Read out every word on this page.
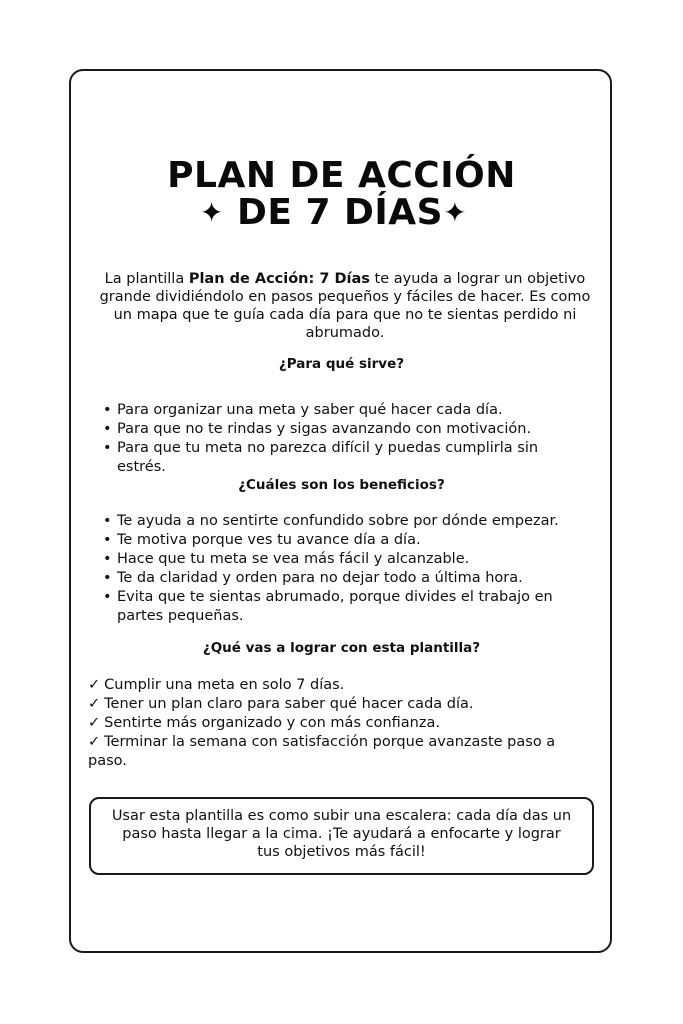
PLAN DE ACCIÓN
✦ DE 7 DÍAS✦
La plantilla Plan de Acción: 7 Días te ayuda a lograr un objetivo grande dividiéndolo en pasos pequeños y fáciles de hacer. Es como un mapa que te guía cada día para que no te sientas perdido ni abrumado.
¿Para qué sirve?
• Para organizar una meta y saber qué hacer cada día.
• Para que no te rindas y sigas avanzando con motivación.
• Para que tu meta no parezca difícil y puedas cumplirla sin estrés.
¿Cuáles son los beneficios?
• Te ayuda a no sentirte confundido sobre por dónde empezar.
• Te motiva porque ves tu avance día a día.
• Hace que tu meta se vea más fácil y alcanzable.
• Te da claridad y orden para no dejar todo a última hora.
• Evita que te sientas abrumado, porque divides el trabajo en partes pequeñas.
¿Qué vas a lograr con esta plantilla?
✓ Cumplir una meta en solo 7 días.
✓ Tener un plan claro para saber qué hacer cada día.
✓ Sentirte más organizado y con más confianza.
✓ Terminar la semana con satisfacción porque avanzaste paso a paso.
Usar esta plantilla es como subir una escalera: cada día das un paso hasta llegar a la cima. ¡Te ayudará a enfocarte y lograr tus objetivos más fácil!
